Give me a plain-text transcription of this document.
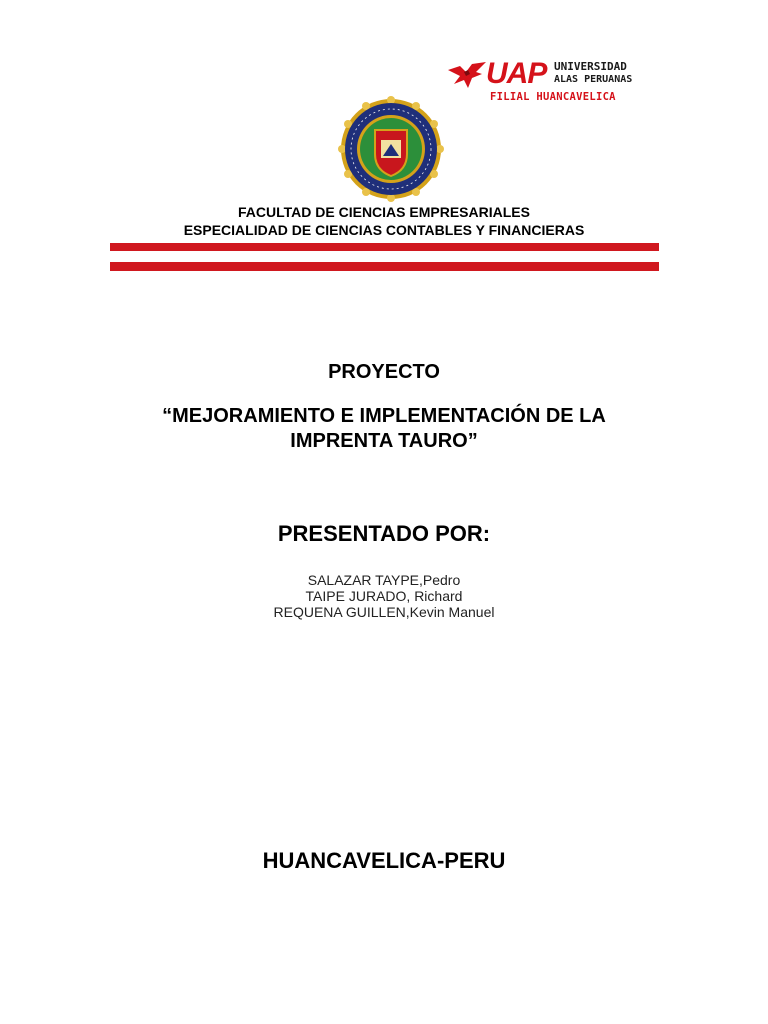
UAP UNIVERSIDAD
ALAS PERUANAS
FILIAL HUANCAVELICA
FACULTAD DE CIENCIAS EMPRESARIALES
ESPECIALIDAD DE CIENCIAS CONTABLES Y FINANCIERAS
PROYECTO
“MEJORAMIENTO E IMPLEMENTACIÓN DE LA
IMPRENTA TAURO”
PRESENTADO POR:
SALAZAR TAYPE,Pedro
TAIPE JURADO, Richard
REQUENA GUILLEN,Kevin Manuel
HUANCAVELICA-PERU
